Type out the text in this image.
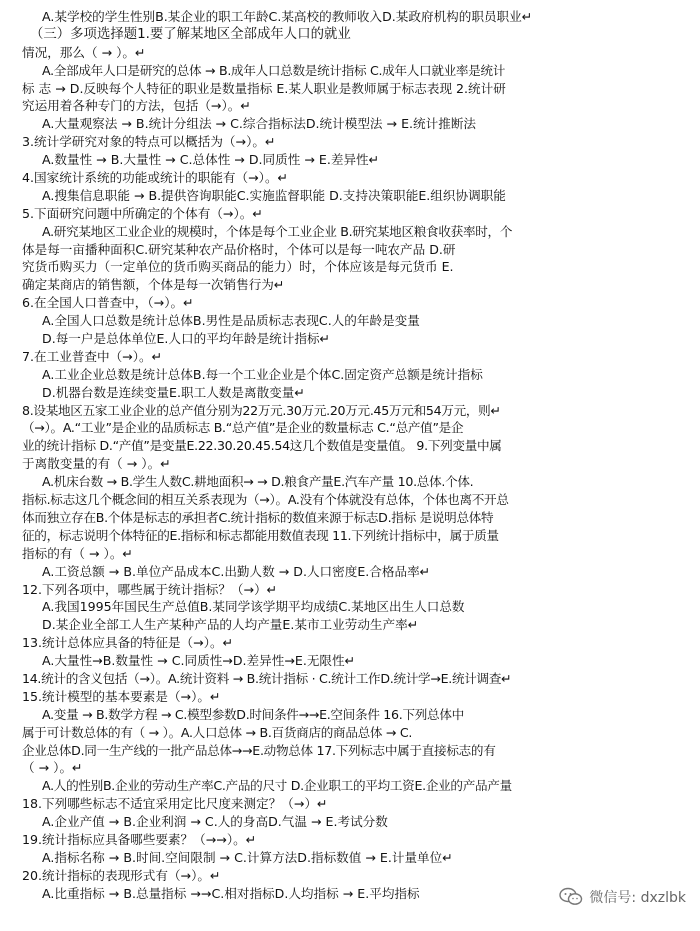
A.某学校的学生性别B.某企业的职工年龄C.某高校的教师收入D.某政府机构的职员职业↵
（三）多项选择题1.要了解某地区全部成年人口的就业
情况，那么（ → ）。↵
A.全部成年人口是研究的总体 → B.成年人口总数是统计指标 C.成年人口就业率是统计
标 志 → D.反映每个人特征的职业是数量指标 E.某人职业是教师属于标志表现 2.统计研
究运用着各种专门的方法，包括（→）。↵
A.大量观察法 → B.统计分组法 → C.综合指标法D.统计模型法 → E.统计推断法
3.统计学研究对象的特点可以概括为（→）。↵
A.数量性 → B.大量性 → C.总体性 → D.同质性 → E.差异性↵
4.国家统计系统的功能或统计的职能有（→）。↵
A.搜集信息职能 → B.提供咨询职能C.实施监督职能 D.支持决策职能E.组织协调职能
5.下面研究问题中所确定的个体有（→）。↵
A.研究某地区工业企业的规模时，个体是每个工业企业 B.研究某地区粮食收获率时，个
体是每一亩播种面积C.研究某种农产品价格时，个体可以是每一吨农产品 D.研
究货币购买力（一定单位的货币购买商品的能力）时，个体应该是每元货币 E.
确定某商店的销售额，个体是每一次销售行为↵
6.在全国人口普查中，（→）。↵
A.全国人口总数是统计总体B.男性是品质标志表现C.人的年龄是变量
D.每一户是总体单位E.人口的平均年龄是统计指标↵
7.在工业普查中（→）。↵
A.工业企业总数是统计总体B.每一个工业企业是个体C.固定资产总额是统计指标
D.机器台数是连续变量E.职工人数是离散变量↵
8.设某地区五家工业企业的总产值分别为22万元.30万元.20万元.45万元和54万元，则↵
（→）。A.“工业”是企业的品质标志 B.“总产值”是企业的数量标志 C.“总产值”是企
业的统计指标 D.“产值”是变量E.22.30.20.45.54这几个数值是变量值。 9.下列变量中属
于离散变量的有（ → ）。↵
A.机床台数 → B.学生人数C.耕地面积→ → D.粮食产量E.汽车产量 10.总体.个体.
指标.标志这几个概念间的相互关系表现为（→）。A.没有个体就没有总体，个体也离不开总
体而独立存在B.个体是标志的承担者C.统计指标的数值来源于标志D.指标 是说明总体特
征的，标志说明个体特征的E.指标和标志都能用数值表现 11.下列统计指标中，属于质量
指标的有（ → ）。↵
A.工资总额 → B.单位产品成本C.出勤人数 → D.人口密度E.合格品率↵
12.下列各项中，哪些属于统计指标？（→）↵
A.我国1995年国民生产总值B.某同学该学期平均成绩C.某地区出生人口总数
D.某企业全部工人生产某种产品的人均产量E.某市工业劳动生产率↵
13.统计总体应具备的特征是（→）。↵
A.大量性→B.数量性 → C.同质性→D.差异性→E.无限性↵
14.统计的含义包括（→）。A.统计资料 → B.统计指标 · C.统计工作D.统计学→E.统计调查↵
15.统计模型的基本要素是（→）。↵
A.变量 → B.数学方程 → C.模型参数D.时间条件→→E.空间条件 16.下列总体中
属于可计数总体的有（ → ）。A.人口总体 → B.百货商店的商品总体 → C.
企业总体D.同一生产线的一批产品总体→→E.动物总体 17.下列标志中属于直接标志的有
（ → ）。↵
A.人的性别B.企业的劳动生产率C.产品的尺寸 D.企业职工的平均工资E.企业的产品产量
18.下列哪些标志不适宜采用定比尺度来测定？（→）↵
A.企业产值 → B.企业利润 → C.人的身高D.气温 → E.考试分数
19.统计指标应具备哪些要素？（→→）。↵
A.指标名称 → B.时间.空间限制 → C.计算方法D.指标数值 → E.计量单位↵
20.统计指标的表现形式有（→）。↵
A.比重指标 → B.总量指标 →→C.相对指标D.人均指标 → E.平均指标	微信号: dxzlbk
